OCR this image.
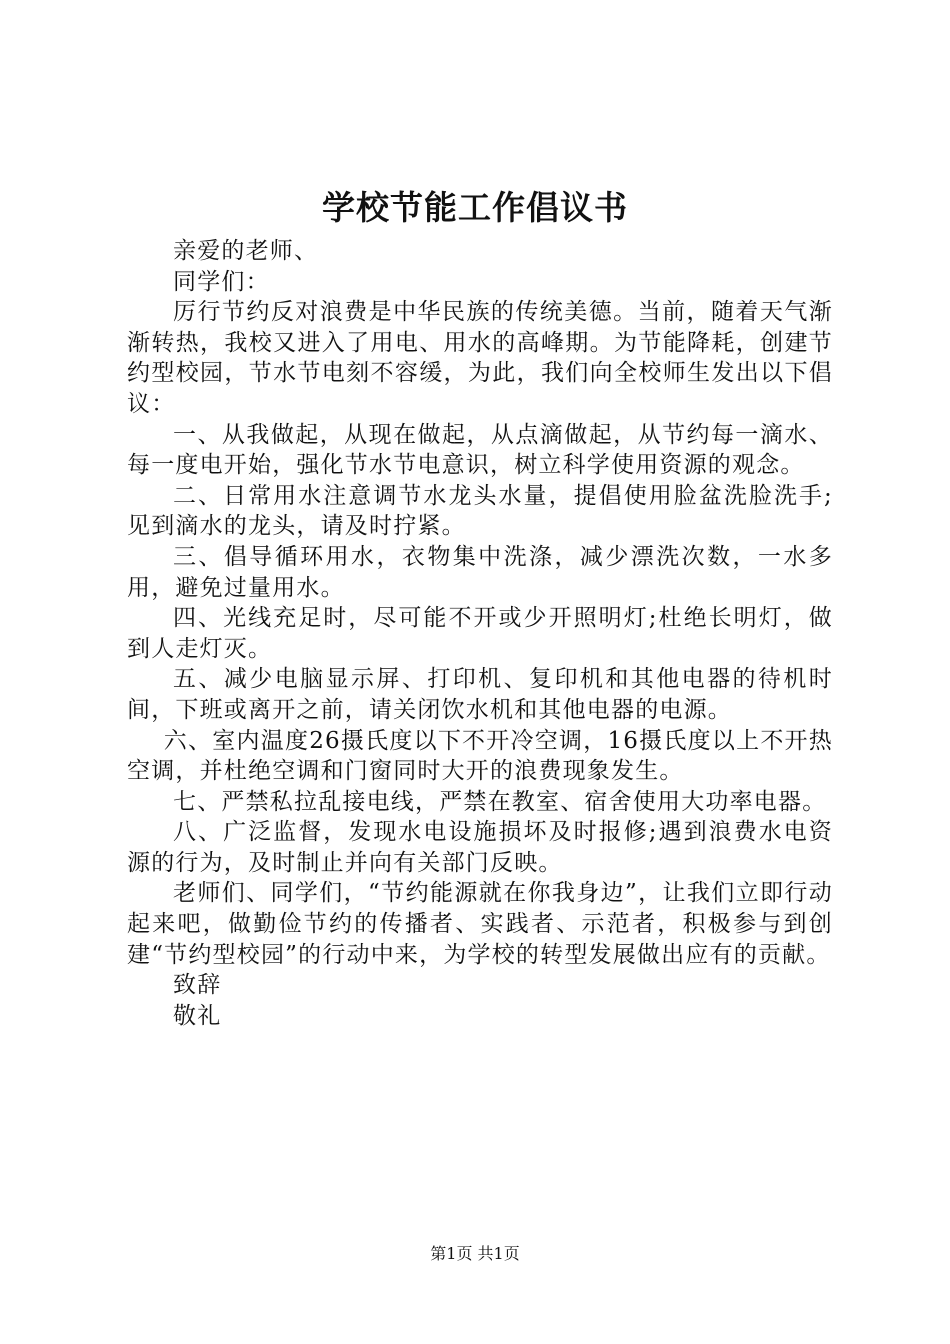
学校节能工作倡议书

亲爱的老师、

同学们：

厉行节约反对浪费是中华民族的传统美德。当前，随着天气渐渐转热，我校又进入了用电、用水的高峰期。为节能降耗，创建节约型校园，节水节电刻不容缓，为此，我们向全校师生发出以下倡议：

一、从我做起，从现在做起，从点滴做起，从节约每一滴水、每一度电开始，强化节水节电意识，树立科学使用资源的观念。

二、日常用水注意调节水龙头水量，提倡使用脸盆洗脸洗手;见到滴水的龙头，请及时拧紧。

三、倡导循环用水，衣物集中洗涤，减少漂洗次数，一水多用，避免过量用水。

四、光线充足时，尽可能不开或少开照明灯;杜绝长明灯，做到人走灯灭。

五、减少电脑显示屏、打印机、复印机和其他电器的待机时间，下班或离开之前，请关闭饮水机和其他电器的电源。

六、室内温度26摄氏度以下不开冷空调，16摄氏度以上不开热空调，并杜绝空调和门窗同时大开的浪费现象发生。

七、严禁私拉乱接电线，严禁在教室、宿舍使用大功率电器。

八、广泛监督，发现水电设施损坏及时报修;遇到浪费水电资源的行为，及时制止并向有关部门反映。

老师们、同学们，“节约能源就在你我身边”，让我们立即行动起来吧，做勤俭节约的传播者、实践者、示范者，积极参与到创建“节约型校园”的行动中来，为学校的转型发展做出应有的贡献。

致辞

敬礼

第1页 共1页
